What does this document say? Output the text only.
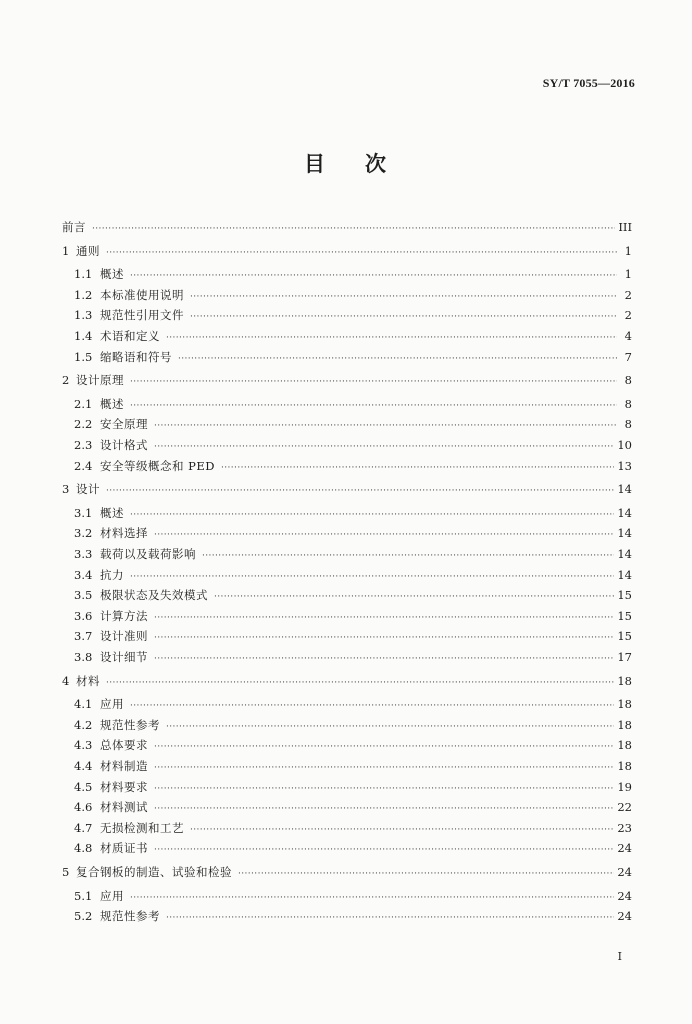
SY/T 7055—2016
目 次
前言 ·····	III
1 通则 ·····	1
1.1 概述 ·····	1
1.2 本标准使用说明 ·····	2
1.3 规范性引用文件 ·····	2
1.4 术语和定义 ·····	4
1.5 缩略语和符号 ·····	7
2 设计原理 ·····	8
2.1 概述 ·····	8
2.2 安全原理 ·····	8
2.3 设计格式 ·····	10
2.4 安全等级概念和 PED ·····	13
3 设计 ·····	14
3.1 概述 ·····	14
3.2 材料选择 ·····	14
3.3 载荷以及载荷影响 ·····	14
3.4 抗力 ·····	14
3.5 极限状态及失效模式 ·····	15
3.6 计算方法 ·····	15
3.7 设计准则 ·····	15
3.8 设计细节 ·····	17
4 材料 ·····	18
4.1 应用 ·····	18
4.2 规范性参考 ·····	18
4.3 总体要求 ·····	18
4.4 材料制造 ·····	18
4.5 材料要求 ·····	19
4.6 材料测试 ·····	22
4.7 无损检测和工艺 ·····	23
4.8 材质证书 ·····	24
5 复合钢板的制造、试验和检验 ·····	24
5.1 应用 ·····	24
5.2 规范性参考 ·····	24
I
